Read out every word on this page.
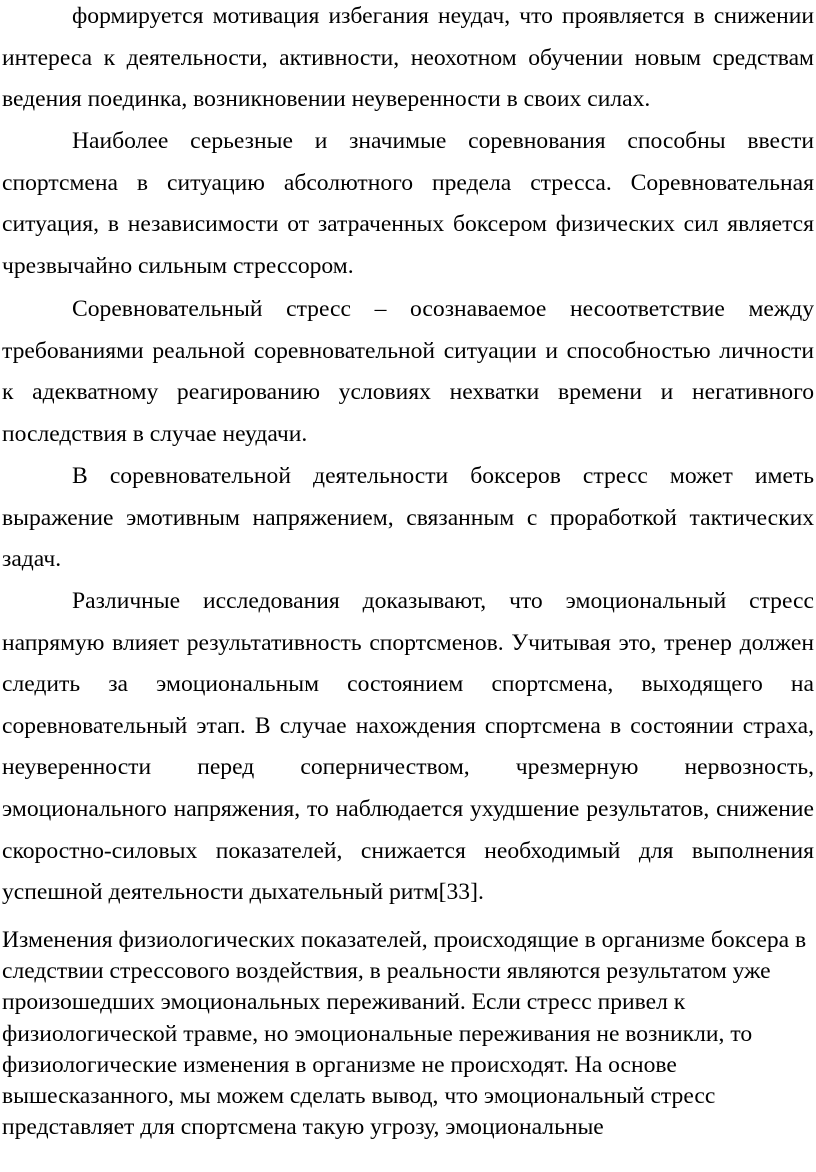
формируется мотивация избегания неудач, что проявляется в снижении интереса к деятельности, активности, неохотном обучении новым средствам ведения поединка, возникновении неуверенности в своих силах.

Наиболее серьезные и значимые соревнования способны ввести спортсмена в ситуацию абсолютного предела стресса. Соревновательная ситуация, в независимости от затраченных боксером физических сил является чрезвычайно сильным стрессором.

Соревновательный стресс – осознаваемое несоответствие между требованиями реальной соревновательной ситуации и способностью личности к адекватному реагированию условиях нехватки времени и негативного последствия в случае неудачи.

В соревновательной деятельности боксеров стресс может иметь выражение эмотивным напряжением, связанным с проработкой тактических задач.

Различные исследования доказывают, что эмоциональный стресс напрямую влияет результативность спортсменов. Учитывая это, тренер должен следить за эмоциональным состоянием спортсмена, выходящего на соревновательный этап. В случае нахождения спортсмена в состоянии страха, неуверенности перед соперничеством, чрезмерную нервозность, эмоционального напряжения, то наблюдается ухудшение результатов, снижение скоростно-силовых показателей, снижается необходимый для выполнения успешной деятельности дыхательный ритм[33].

Изменения физиологических показателей, происходящие в организме боксера в следствии стрессового воздействия, в реальности являются результатом уже произошедших эмоциональных переживаний. Если стресс привел к физиологической травме, но эмоциональные переживания не возникли, то физиологические изменения в организме не происходят. На основе вышесказанного, мы можем сделать вывод, что эмоциональный стресс представляет для спортсмена такую угрозу, эмоциональные
